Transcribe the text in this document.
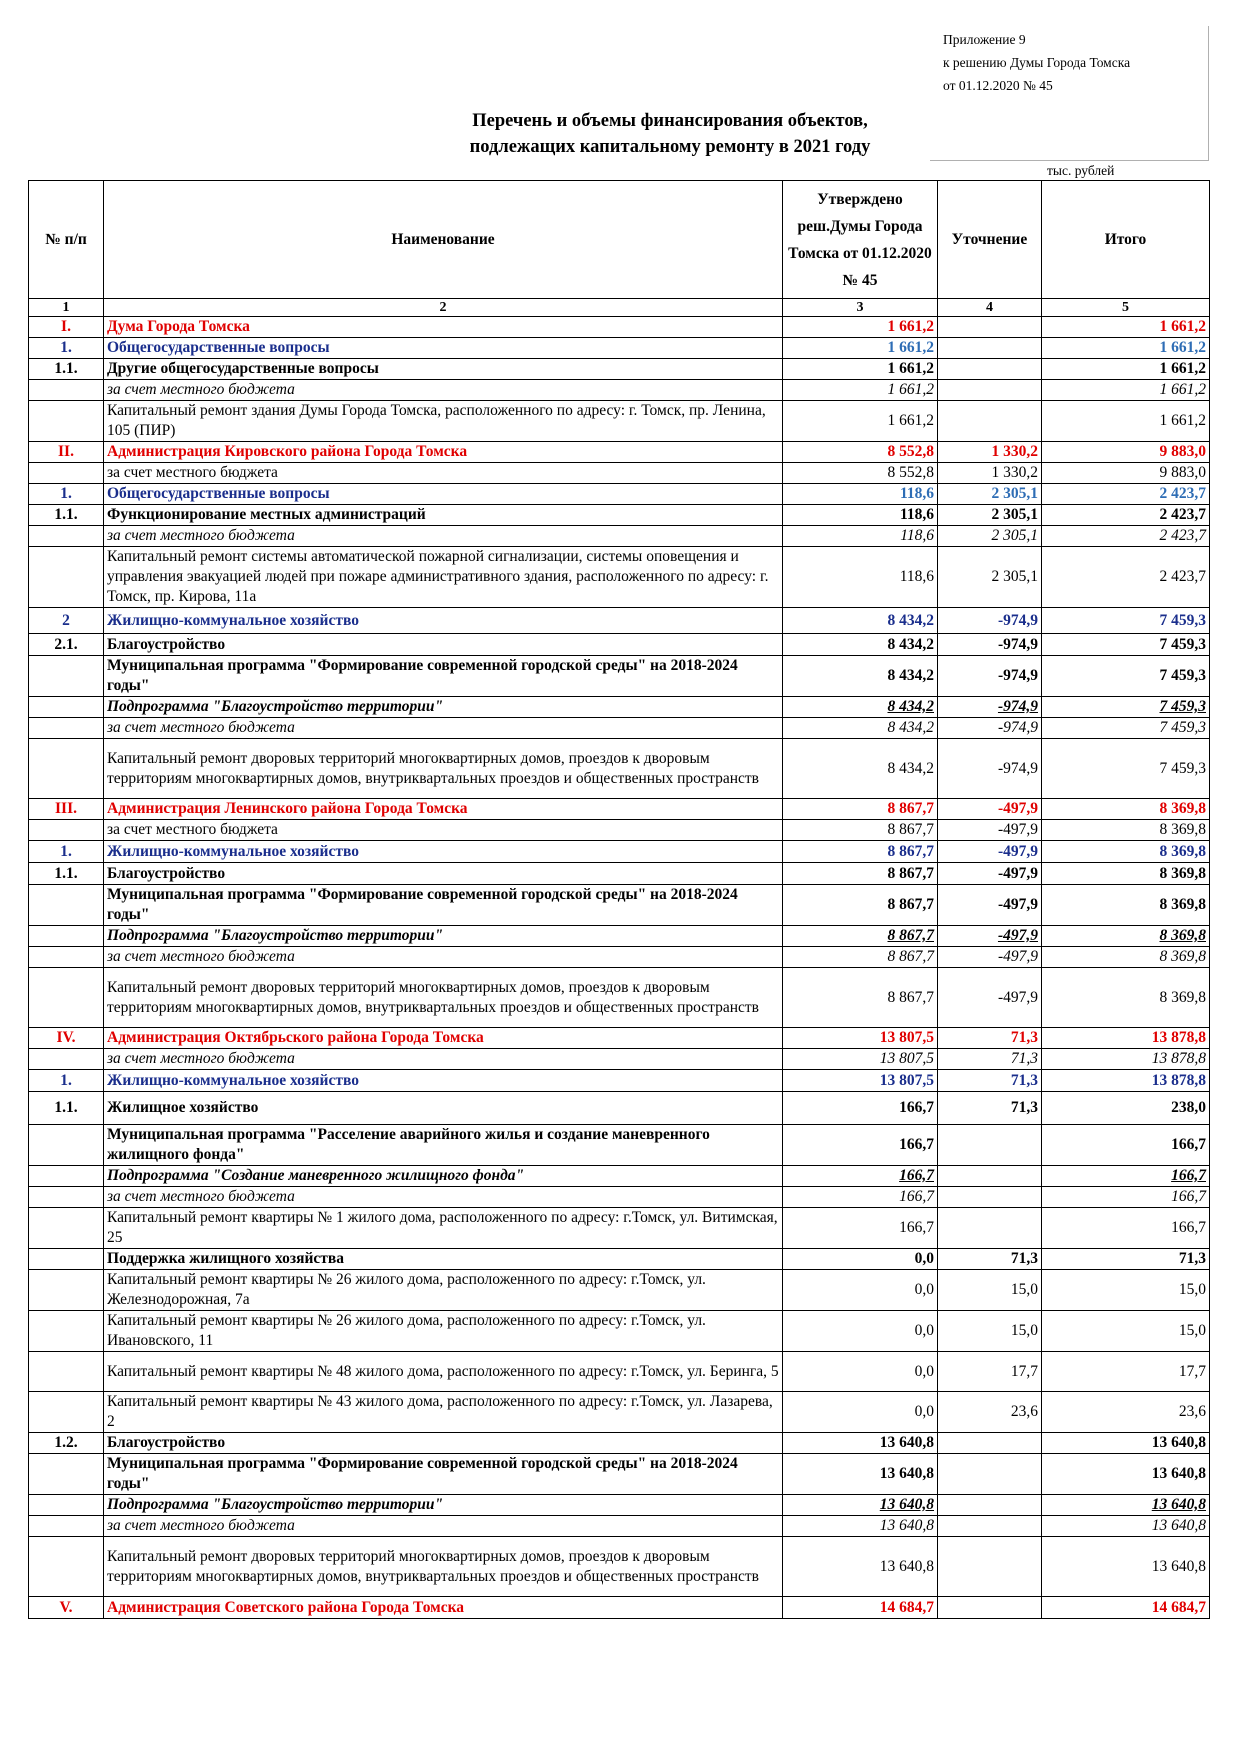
Приложение 9
к решению Думы Города Томска
от 01.12.2020 № 45
Перечень и объемы финансирования объектов,
подлежащих капитальному ремонту в 2021 году
тыс. рублей
№ п/п	Наименование	Утверждено реш.Думы Города Томска от 01.12.2020 № 45	Уточнение	Итого
1	2	3	4	5
I.	Дума Города Томска	1 661,2		1 661,2
1.	Общегосударственные вопросы	1 661,2		1 661,2
1.1.	Другие общегосударственные вопросы	1 661,2		1 661,2
	за счет местного бюджета	1 661,2		1 661,2
	Капитальный ремонт здания Думы Города Томска, расположенного по адресу: г. Томск, пр. Ленина, 105 (ПИР)	1 661,2		1 661,2
II.	Администрация Кировского района Города Томска	8 552,8	1 330,2	9 883,0
	за счет местного бюджета	8 552,8	1 330,2	9 883,0
1.	Общегосударственные вопросы	118,6	2 305,1	2 423,7
1.1.	Функционирование местных администраций	118,6	2 305,1	2 423,7
	за счет местного бюджета	118,6	2 305,1	2 423,7
	Капитальный ремонт системы автоматической пожарной сигнализации, системы оповещения и управления эвакуацией людей при пожаре административного здания, расположенного по адресу: г. Томск, пр. Кирова, 11а	118,6	2 305,1	2 423,7
2	Жилищно-коммунальное хозяйство	8 434,2	-974,9	7 459,3
2.1.	Благоустройство	8 434,2	-974,9	7 459,3
	Муниципальная программа "Формирование современной городской среды" на 2018-2024 годы"	8 434,2	-974,9	7 459,3
	Подпрограмма "Благоустройство территории"	8 434,2	-974,9	7 459,3
	за счет местного бюджета	8 434,2	-974,9	7 459,3
	Капитальный ремонт дворовых территорий многоквартирных домов, проездов к дворовым территориям многоквартирных домов, внутриквартальных проездов и общественных пространств	8 434,2	-974,9	7 459,3
III.	Администрация Ленинского района Города Томска	8 867,7	-497,9	8 369,8
	за счет местного бюджета	8 867,7	-497,9	8 369,8
1.	Жилищно-коммунальное хозяйство	8 867,7	-497,9	8 369,8
1.1.	Благоустройство	8 867,7	-497,9	8 369,8
	Муниципальная программа "Формирование современной городской среды" на 2018-2024 годы"	8 867,7	-497,9	8 369,8
	Подпрограмма "Благоустройство территории"	8 867,7	-497,9	8 369,8
	за счет местного бюджета	8 867,7	-497,9	8 369,8
	Капитальный ремонт дворовых территорий многоквартирных домов, проездов к дворовым территориям многоквартирных домов, внутриквартальных проездов и общественных пространств	8 867,7	-497,9	8 369,8
IV.	Администрация Октябрьского района Города Томска	13 807,5	71,3	13 878,8
	за счет местного бюджета	13 807,5	71,3	13 878,8
1.	Жилищно-коммунальное хозяйство	13 807,5	71,3	13 878,8
1.1.	Жилищное хозяйство	166,7	71,3	238,0
	Муниципальная программа "Расселение аварийного жилья и создание маневренного жилищного фонда"	166,7		166,7
	Подпрограмма "Создание маневренного жилищного фонда"	166,7		166,7
	за счет местного бюджета	166,7		166,7
	Капитальный ремонт квартиры № 1 жилого дома, расположенного по адресу: г.Томск, ул. Витимская, 25	166,7		166,7
	Поддержка жилищного хозяйства	0,0	71,3	71,3
	Капитальный ремонт квартиры № 26 жилого дома, расположенного по адресу: г.Томск, ул. Железнодорожная, 7а	0,0	15,0	15,0
	Капитальный ремонт квартиры № 26 жилого дома, расположенного по адресу: г.Томск, ул. Ивановского, 11	0,0	15,0	15,0
	Капитальный ремонт квартиры № 48 жилого дома, расположенного по адресу: г.Томск, ул. Беринга, 5	0,0	17,7	17,7
	Капитальный ремонт квартиры № 43 жилого дома, расположенного по адресу: г.Томск, ул. Лазарева, 2	0,0	23,6	23,6
1.2.	Благоустройство	13 640,8		13 640,8
	Муниципальная программа "Формирование современной городской среды" на 2018-2024 годы"	13 640,8		13 640,8
	Подпрограмма "Благоустройство территории"	13 640,8		13 640,8
	за счет местного бюджета	13 640,8		13 640,8
	Капитальный ремонт дворовых территорий многоквартирных домов, проездов к дворовым территориям многоквартирных домов, внутриквартальных проездов и общественных пространств	13 640,8		13 640,8
V.	Администрация Советского района Города Томска	14 684,7		14 684,7
